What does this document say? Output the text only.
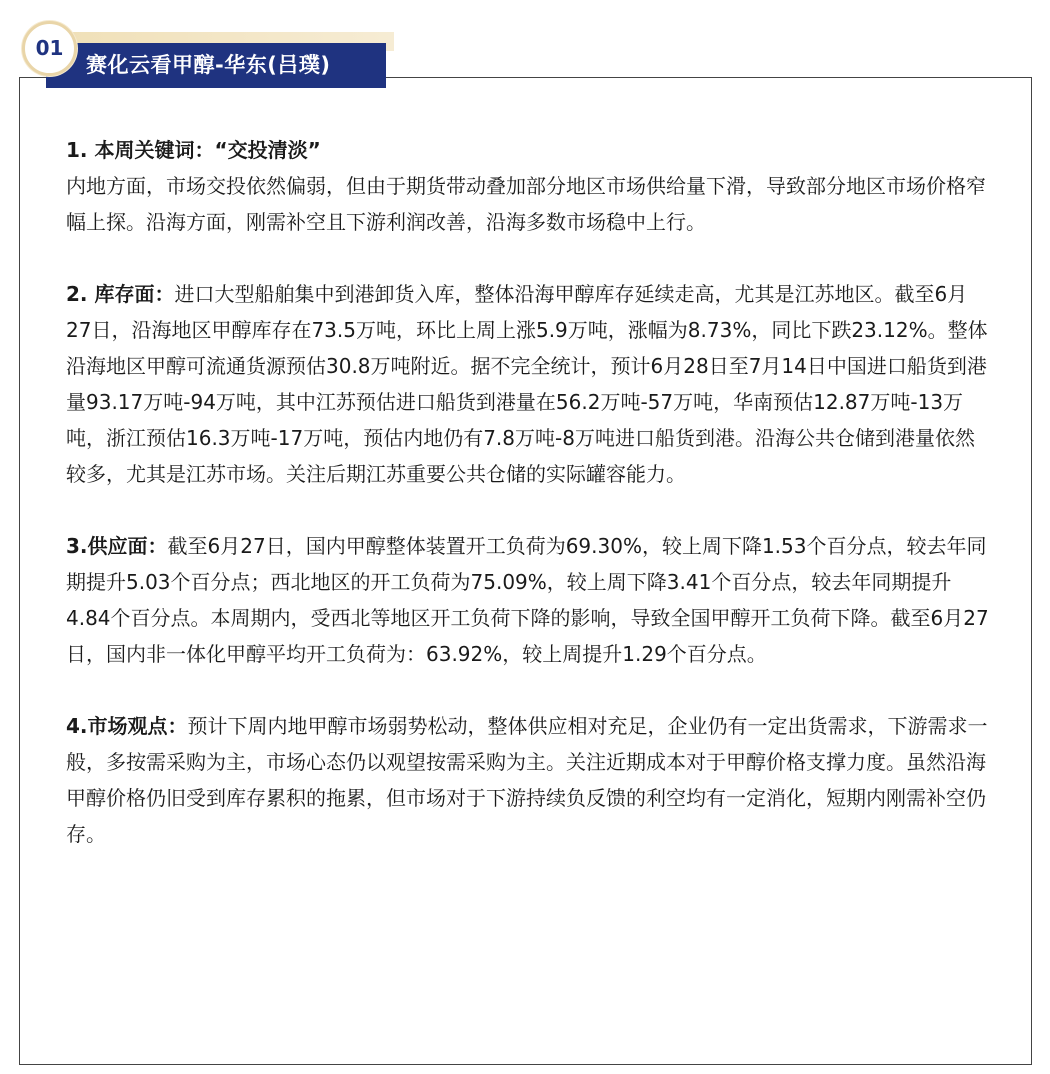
赛化云看甲醇-华东(吕璞)
01

1. 本周关键词：“交投清淡”

内地方面，市场交投依然偏弱，但由于期货带动叠加部分地区市场供给量下滑，导致部分地区市场价格窄幅上探。沿海方面，刚需补空且下游利润改善，沿海多数市场稳中上行。

2. 库存面：进口大型船舶集中到港卸货入库，整体沿海甲醇库存延续走高，尤其是江苏地区。截至6月27日，沿海地区甲醇库存在73.5万吨，环比上周上涨5.9万吨，涨幅为8.73%，同比下跌23.12%。整体沿海地区甲醇可流通货源预估30.8万吨附近。据不完全统计，预计6月28日至7月14日中国进口船货到港量93.17万吨-94万吨，其中江苏预估进口船货到港量在56.2万吨-57万吨，华南预估12.87万吨-13万吨，浙江预估16.3万吨-17万吨，预估内地仍有7.8万吨-8万吨进口船货到港。沿海公共仓储到港量依然较多，尤其是江苏市场。关注后期江苏重要公共仓储的实际罐容能力。

3.供应面：截至6月27日，国内甲醇整体装置开工负荷为69.30%，较上周下降1.53个百分点，较去年同期提升5.03个百分点；西北地区的开工负荷为75.09%，较上周下降3.41个百分点，较去年同期提升4.84个百分点。本周期内，受西北等地区开工负荷下降的影响，导致全国甲醇开工负荷下降。截至6月27日，国内非一体化甲醇平均开工负荷为：63.92%，较上周提升1.29个百分点。

4.市场观点：预计下周内地甲醇市场弱势松动，整体供应相对充足，企业仍有一定出货需求，下游需求一般，多按需采购为主，市场心态仍以观望按需采购为主。关注近期成本对于甲醇价格支撑力度。虽然沿海甲醇价格仍旧受到库存累积的拖累，但市场对于下游持续负反馈的利空均有一定消化，短期内刚需补空仍存。
